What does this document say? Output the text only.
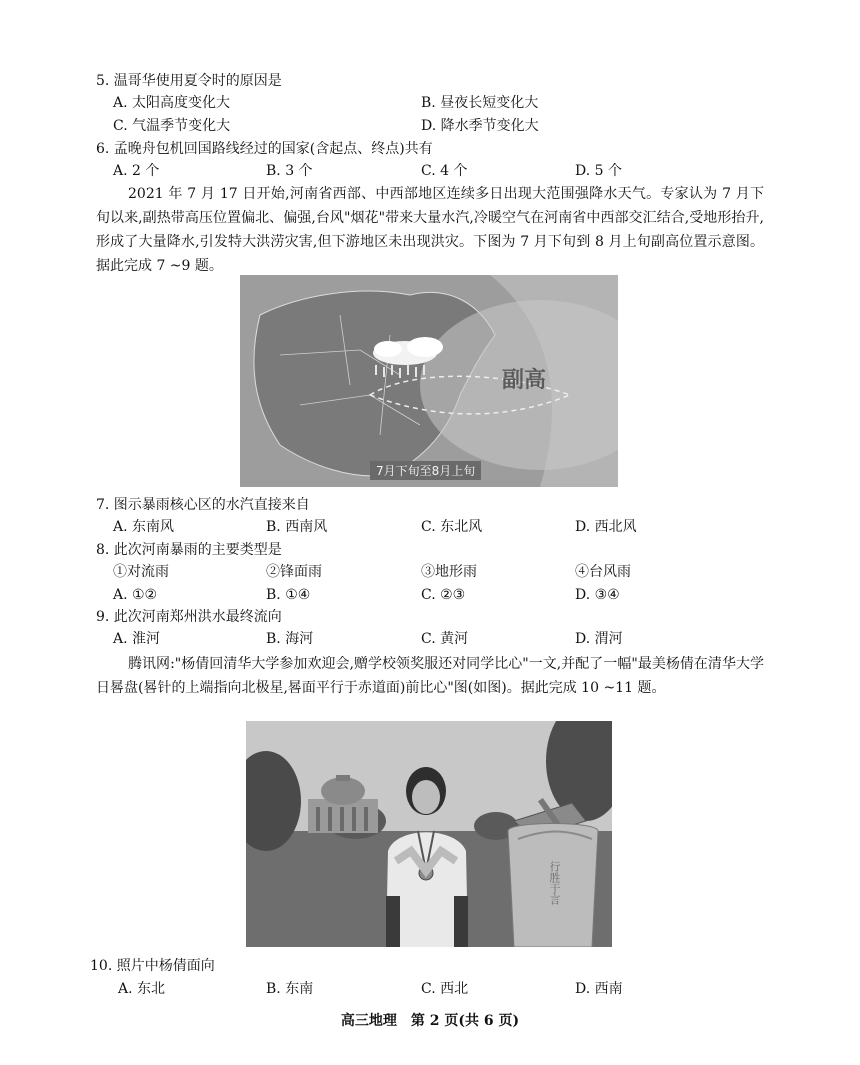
5. 温哥华使用夏令时的原因是
A. 太阳高度变化大	B. 昼夜长短变化大
C. 气温季节变化大	D. 降水季节变化大
6. 孟晚舟包机回国路线经过的国家(含起点、终点)共有
A. 2 个	B. 3 个	C. 4 个	D. 5 个
2021 年 7 月 17 日开始,河南省西部、中西部地区连续多日出现大范围强降水天气。专家认为 7 月下旬以来,副热带高压位置偏北、偏强,台风"烟花"带来大量水汽,冷暖空气在河南省中西部交汇结合,受地形抬升,形成了大量降水,引发特大洪涝灾害,但下游地区未出现洪灾。下图为 7 月下旬到 8 月上旬副高位置示意图。据此完成 7 ~9 题。
副高
7月下旬至8月上旬
7. 图示暴雨核心区的水汽直接来自
A. 东南风	B. 西南风	C. 东北风	D. 西北风
8. 此次河南暴雨的主要类型是
①对流雨	②锋面雨	③地形雨	④台风雨
A. ①②	B. ①④	C. ②③	D. ③④
9. 此次河南郑州洪水最终流向
A. 淮河	B. 海河	C. 黄河	D. 渭河
腾讯网:"杨倩回清华大学参加欢迎会,赠学校领奖服还对同学比心"一文,并配了一幅"最美杨倩在清华大学日晷盘(晷针的上端指向北极星,晷面平行于赤道面)前比心"图(如图)。据此完成 10 ~11 题。
行胜于言
10. 照片中杨倩面向
A. 东北	B. 东南	C. 西北	D. 西南
高三地理　第 2 页(共 6 页)
